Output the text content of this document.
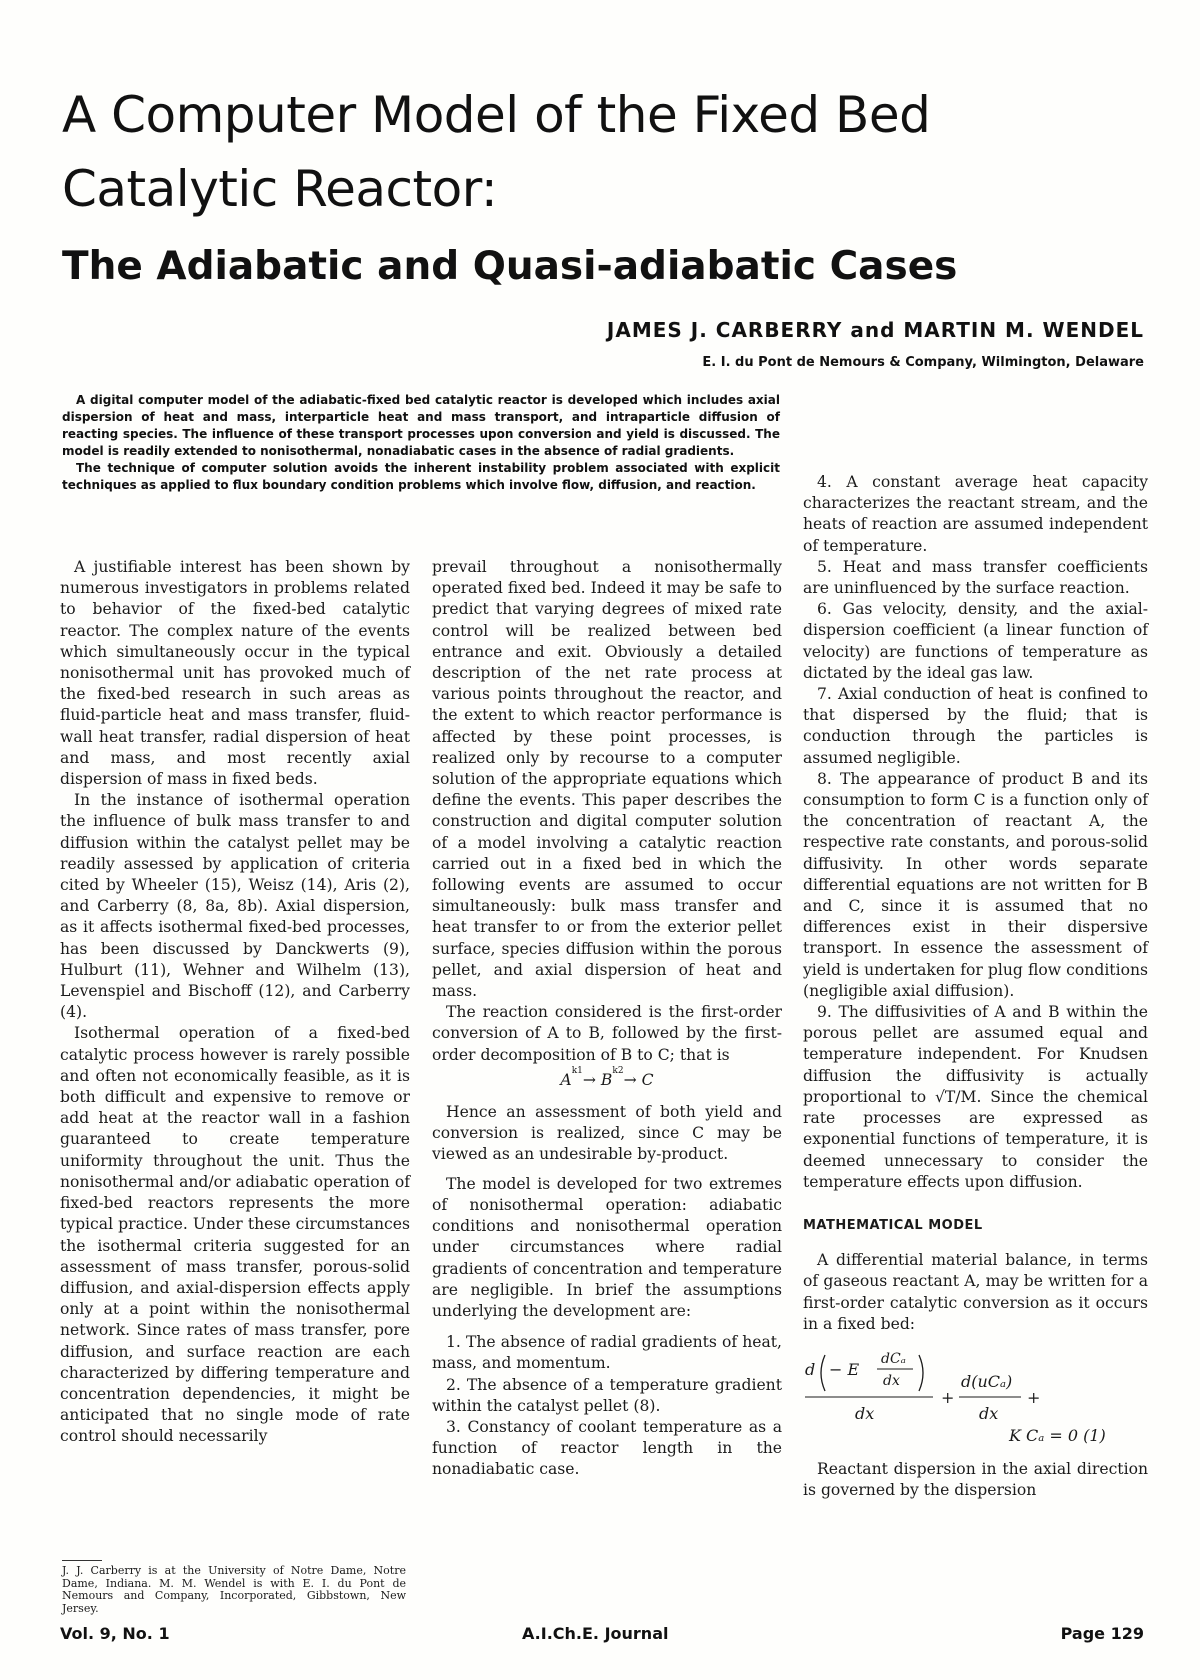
A Computer Model of the Fixed Bed
Catalytic Reactor:
The Adiabatic and Quasi-adiabatic Cases
JAMES J. CARBERRY and MARTIN M. WENDEL
E. I. du Pont de Nemours & Company, Wilmington, Delaware

A digital computer model of the adiabatic-fixed bed catalytic reactor is developed which includes axial dispersion of heat and mass, interparticle heat and mass transport, and intraparticle diffusion of reacting species. The influence of these transport processes upon conversion and yield is discussed. The model is readily extended to nonisothermal, nonadiabatic cases in the absence of radial gradients.

The technique of computer solution avoids the inherent instability problem associated with explicit techniques as applied to flux boundary condition problems which involve flow, diffusion, and reaction.

A justifiable interest has been shown by numerous investigators in problems related to behavior of the fixed-bed catalytic reactor. The complex nature of the events which simultaneously occur in the typical nonisothermal unit has provoked much of the fixed-bed research in such areas as fluid-particle heat and mass transfer, fluid-wall heat transfer, radial dispersion of heat and mass, and most recently axial dispersion of mass in fixed beds.

In the instance of isothermal operation the influence of bulk mass transfer to and diffusion within the catalyst pellet may be readily assessed by application of criteria cited by Wheeler (15), Weisz (14), Aris (2), and Carberry (8, 8a, 8b). Axial dispersion, as it affects isothermal fixed-bed processes, has been discussed by Danckwerts (9), Hulburt (11), Wehner and Wilhelm (13), Levenspiel and Bischoff (12), and Carberry (4).

Isothermal operation of a fixed-bed catalytic process however is rarely possible and often not economically feasible, as it is both difficult and expensive to remove or add heat at the reactor wall in a fashion guaranteed to create temperature uniformity throughout the unit. Thus the nonisothermal and/or adiabatic operation of fixed-bed reactors represents the more typical practice. Under these circumstances the isothermal criteria suggested for an assessment of mass transfer, porous-solid diffusion, and axial-dispersion effects apply only at a point within the nonisothermal network. Since rates of mass transfer, pore diffusion, and surface reaction are each characterized by differing temperature and concentration dependencies, it might be anticipated that no single mode of rate control should necessarily

prevail throughout a nonisothermally operated fixed bed. Indeed it may be safe to predict that varying degrees of mixed rate control will be realized between bed entrance and exit. Obviously a detailed description of the net rate process at various points throughout the reactor, and the extent to which reactor performance is affected by these point processes, is realized only by recourse to a computer solution of the appropriate equations which define the events. This paper describes the construction and digital computer solution of a model involving a catalytic reaction carried out in a fixed bed in which the following events are assumed to occur simultaneously: bulk mass transfer and heat transfer to or from the exterior pellet surface, species diffusion within the porous pellet, and axial dispersion of heat and mass.

The reaction considered is the first-order conversion of A to B, followed by the first-order decomposition of B to C; that is

$A^{k1}\to B^{k2}\to C$

Hence an assessment of both yield and conversion is realized, since C may be viewed as an undesirable by-product.

The model is developed for two extremes of nonisothermal operation: adiabatic conditions and nonisothermal operation under circumstances where radial gradients of concentration and temperature are negligible. In brief the assumptions underlying the development are:

1. The absence of radial gradients of heat, mass, and momentum.

2. The absence of a temperature gradient within the catalyst pellet (8).

3. Constancy of coolant temperature as a function of reactor length in the nonadiabatic case.

4. A constant average heat capacity characterizes the reactant stream, and the heats of reaction are assumed independent of temperature.

5. Heat and mass transfer coefficients are uninfluenced by the surface reaction.

6. Gas velocity, density, and the axial-dispersion coefficient (a linear function of velocity) are functions of temperature as dictated by the ideal gas law.

7. Axial conduction of heat is confined to that dispersed by the fluid; that is conduction through the particles is assumed negligible.

8. The appearance of product B and its consumption to form C is a function only of the concentration of reactant A, the respective rate constants, and porous-solid diffusivity. In other words separate differential equations are not written for B and C, since it is assumed that no differences exist in their dispersive transport. In essence the assessment of yield is undertaken for plug flow conditions (negligible axial diffusion).

9. The diffusivities of A and B within the porous pellet are assumed equal and temperature independent. For Knudsen diffusion the diffusivity is actually proportional to √T/M. Since the chemical rate processes are expressed as exponential functions of temperature, it is deemed unnecessary to consider the temperature effects upon diffusion.

MATHEMATICAL MODEL

A differential material balance, in terms of gaseous reactant A, may be written for a first-order catalytic conversion as it occurs in a fixed bed:

d − E
dCₐ
dx
dx
+
d(uCₐ)
dx
+
K Cₐ = 0 (1)

Reactant dispersion in the axial direction is governed by the dispersion

J. J. Carberry is at the University of Notre Dame, Notre Dame, Indiana. M. M. Wendel is with E. I. du Pont de Nemours and Company, Incorporated, Gibbstown, New Jersey.
Vol. 9, No. 1	A.I.Ch.E. Journal	Page 129
